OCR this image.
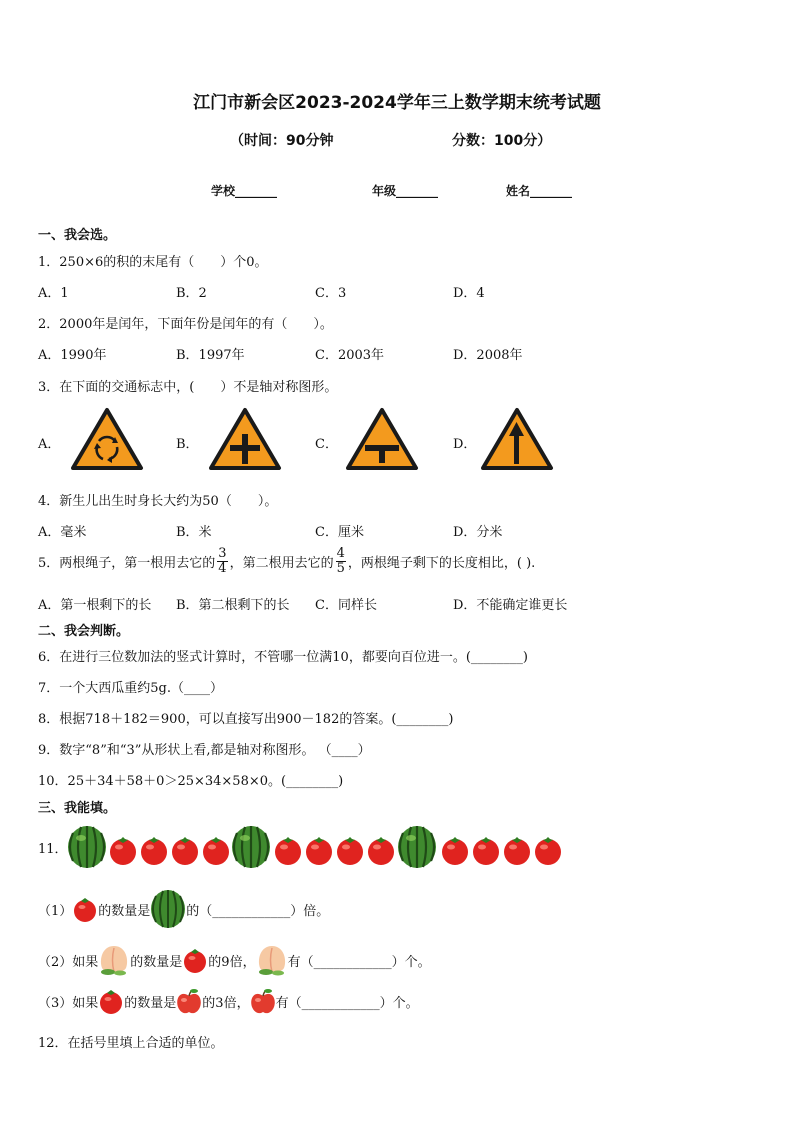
江门市新会区2023-2024学年三上数学期末统考试题
（时间：90分钟	分数：100分）
学校_______	年级_______	姓名_______
一、我会选。
1．250×6的积的末尾有（　　）个0。
A．1	B．2	C．3	D．4
2．2000年是闰年，下面年份是闰年的有（　　）。
A．1990年	B．1997年	C．2003年	D．2008年
3．在下面的交通标志中，(　　）不是轴对称图形。
A．	B．	C．	D．
4．新生儿出生时身长大约为50（　　）。
A．毫米	B．米	C．厘米	D．分米
5．两根绳子，第一根用去它的 $\frac{3}{4}$ ，第二根用去它的 $\frac{4}{5}$ ，两根绳子剩下的长度相比，( ).
A．第一根剩下的长 B．第二根剩下的长 C．同样长	D．不能确定谁更长
二、我会判断。
6．在进行三位数加法的竖式计算时，不管哪一位满10，都要向百位进一。(________)
7．一个大西瓜重约5g.（____）
8．根据718＋182＝900，可以直接写出900－182的答案。(________)
9．数字“8”和“3”从形状上看,都是轴对称图形。 （____）
10．25＋34＋58＋0＞25×34×58×0。(________)
三、我能填。
11．
（1） 的数量是	的（____________）倍。
（2）如果 的数量是 的9倍， 有（____________）个。
（3）如果 的数量是 的3倍， 有（____________）个。
12．在括号里填上合适的单位。
